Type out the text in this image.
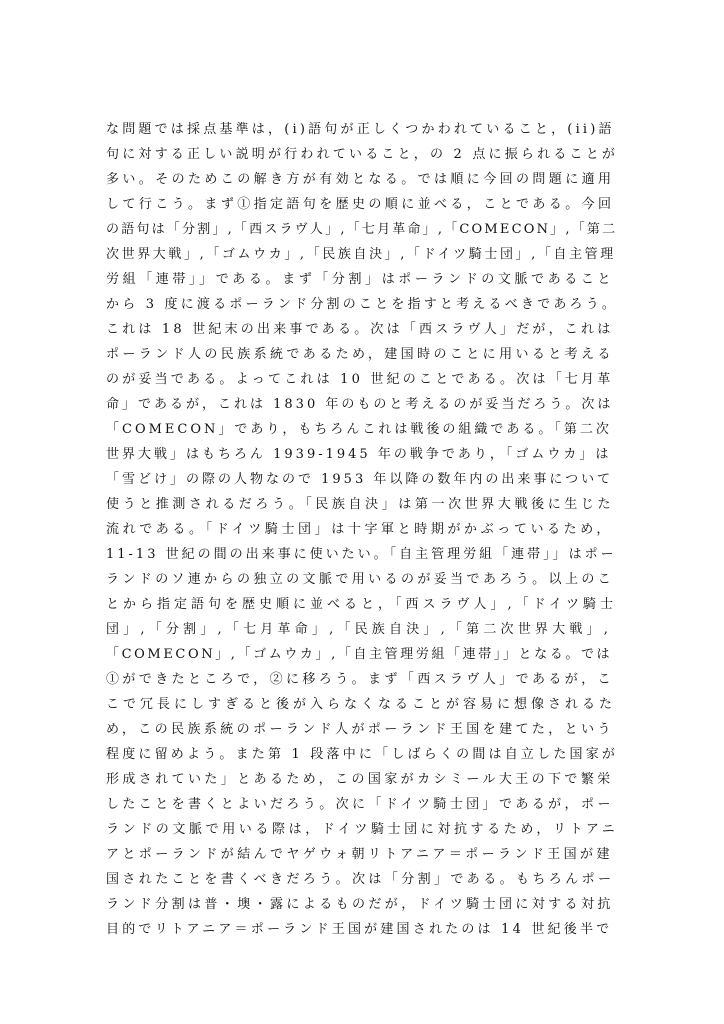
な問題では採点基準は，(i)語句が正しくつかわれていること，(ii)語
句に対する正しい説明が行われていること，の 2 点に振られることが
多い。そのためこの解き方が有効となる。では順に今回の問題に適用
して行こう。まず①指定語句を歴史の順に並べる，ことである。今回
の語句は「分割」,「西スラヴ人」,「七月革命」,「COMECON」,「第二
次世界大戦」,「ゴムウカ」,「民族自決」,「ドイツ騎士団」,「自主管理
労組「連帯」」である。まず「分割」はポーランドの文脈であること
から 3 度に渡るポーランド分割のことを指すと考えるべきであろう。
これは 18 世紀末の出来事である。次は「西スラヴ人」だが，これは
ポーランド人の民族系統であるため，建国時のことに用いると考える
のが妥当である。よってこれは 10 世紀のことである。次は「七月革
命」であるが，これは 1830 年のものと考えるのが妥当だろう。次は
「COMECON」であり，もちろんこれは戦後の組織である。「第二次
世界大戦」はもちろん 1939-1945 年の戦争であり，「ゴムウカ」は
「雪どけ」の際の人物なので 1953 年以降の数年内の出来事について
使うと推測されるだろう。「民族自決」は第一次世界大戦後に生じた
流れである。「ドイツ騎士団」は十字軍と時期がかぶっているため，
11-13 世紀の間の出来事に使いたい。「自主管理労組「連帯」」はポー
ランドのソ連からの独立の文脈で用いるのが妥当であろう。以上のこ
とから指定語句を歴史順に並べると，「西スラヴ人」,「ドイツ騎士
団」,「分割」,「七月革命」,「民族自決」,「第二次世界大戦」,
「COMECON」,「ゴムウカ」,「自主管理労組「連帯」」となる。では
①ができたところで，②に移ろう。まず「西スラヴ人」であるが，こ
こで冗長にしすぎると後が入らなくなることが容易に想像されるた
め，この民族系統のポーランド人がポーランド王国を建てた，という
程度に留めよう。また第 1 段落中に「しばらくの間は自立した国家が
形成されていた」とあるため，この国家がカシミール大王の下で繁栄
したことを書くとよいだろう。次に「ドイツ騎士団」であるが，ポー
ランドの文脈で用いる際は，ドイツ騎士団に対抗するため，リトアニ
アとポーランドが結んでヤゲウォ朝リトアニア＝ポーランド王国が建
国されたことを書くべきだろう。次は「分割」である。もちろんポー
ランド分割は普・墺・露によるものだが，ドイツ騎士団に対する対抗
目的でリトアニア＝ポーランド王国が建国されたのは 14 世紀後半で
